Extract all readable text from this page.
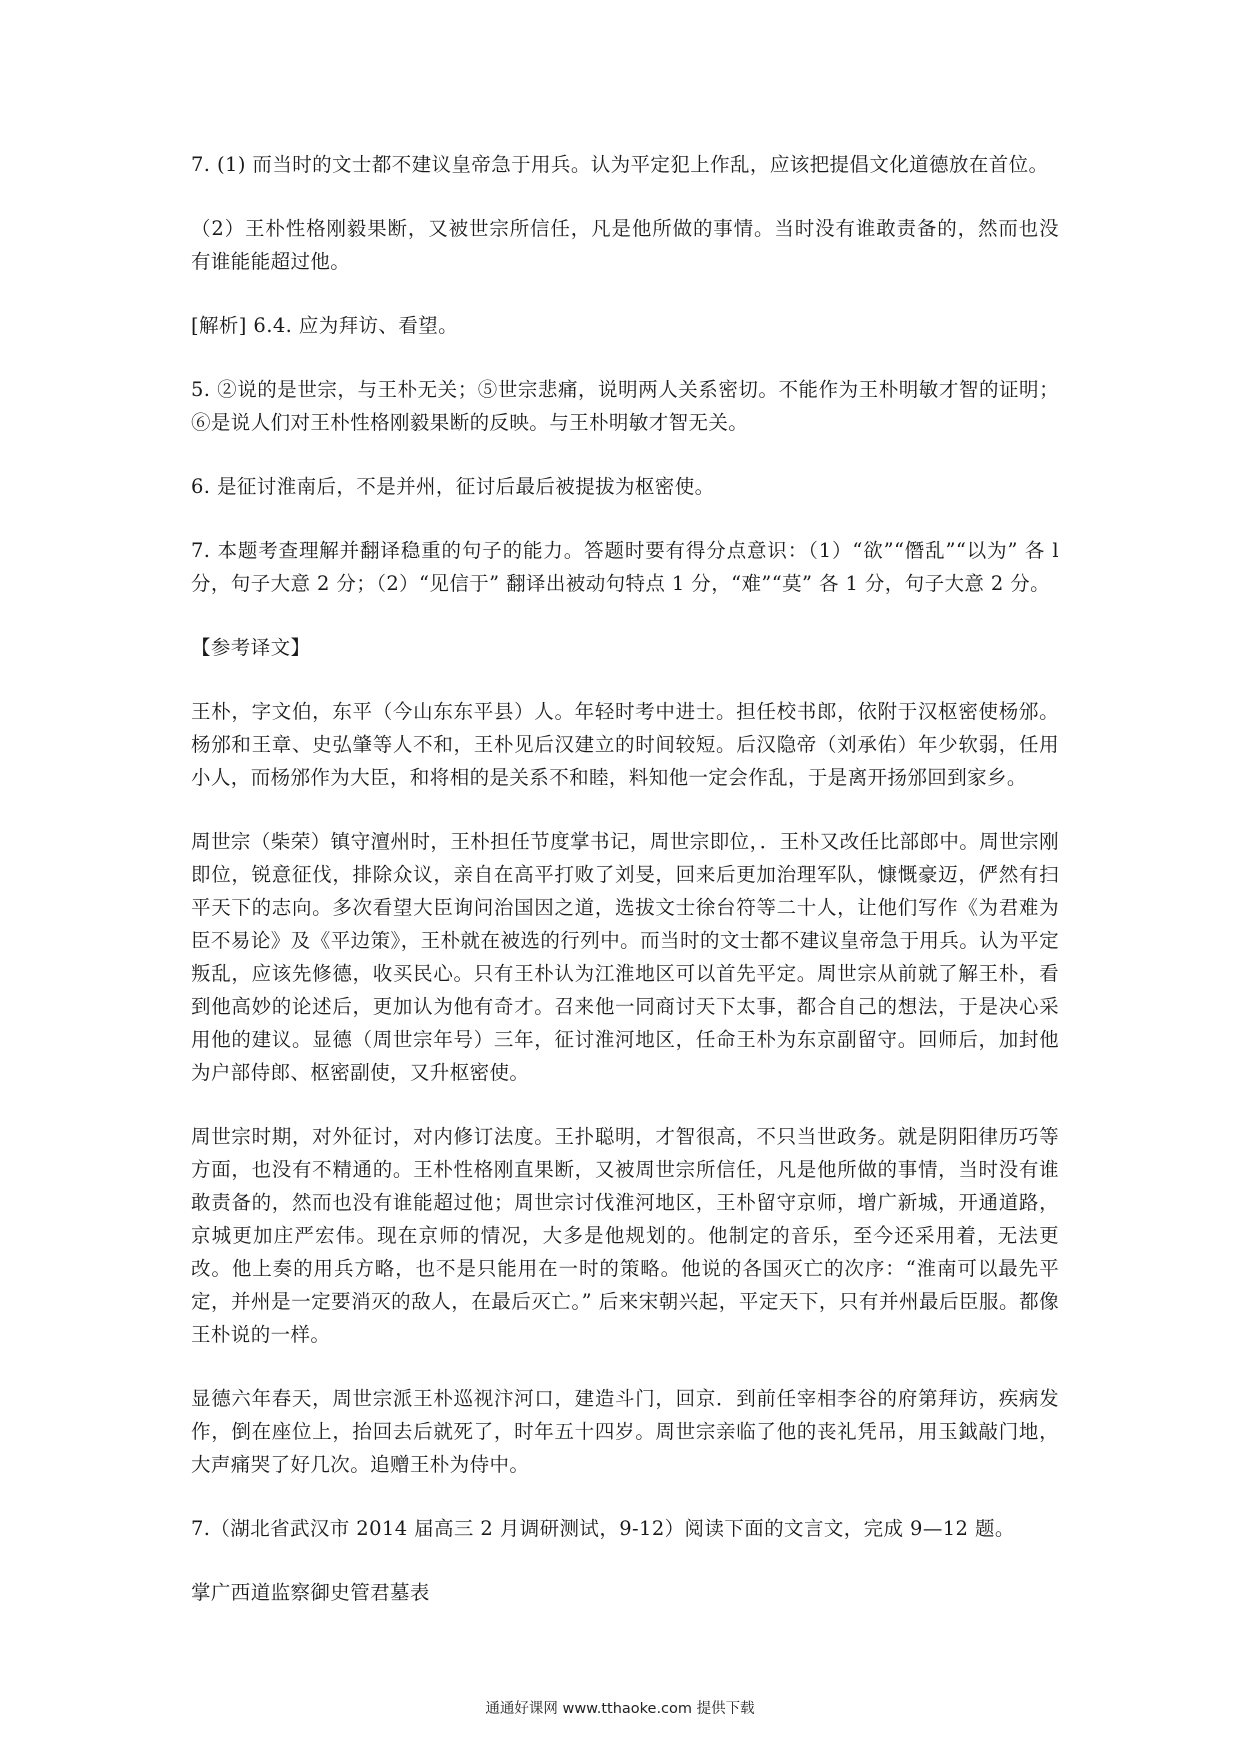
7. (1) 而当时的文士都不建议皇帝急于用兵。认为平定犯上作乱，应该把提倡文化道德放在首位。

（2）王朴性格刚毅果断，又被世宗所信任，凡是他所做的事情。当时没有谁敢责备的，然而也没有谁能能超过他。

[解析] 6.4. 应为拜访、看望。

5. ②说的是世宗，与王朴无关；⑤世宗悲痛，说明两人关系密切。不能作为王朴明敏才智的证明；⑥是说人们对王朴性格刚毅果断的反映。与王朴明敏才智无关。

6. 是征讨淮南后，不是并州，征讨后最后被提拔为枢密使。

7. 本题考查理解并翻译稳重的句子的能力。答题时要有得分点意识：（1）“欲”“僭乱”“以为” 各 l 分，句子大意 2 分；（2）“见信于” 翻译出被动句特点 1 分，“难”“莫” 各 1 分，句子大意 2 分。

【参考译文】

王朴，字文伯，东平（今山东东平县）人。年轻时考中进士。担任校书郎，依附于汉枢密使杨邠。杨邠和王章、史弘肇等人不和，王朴见后汉建立的时间较短。后汉隐帝（刘承佑）年少软弱，任用小人，而杨邠作为大臣，和将相的是关系不和睦，料知他一定会作乱，于是离开扬邠回到家乡。

周世宗（柴荣）镇守澶州时，王朴担任节度掌书记，周世宗即位，．王朴又改任比部郎中。周世宗刚即位，锐意征伐，排除众议，亲自在高平打败了刘旻，回来后更加治理军队，慷慨豪迈，俨然有扫平天下的志向。多次看望大臣询问治国因之道，选拔文士徐台符等二十人，让他们写作《为君难为臣不易论》及《平边策》，王朴就在被选的行列中。而当时的文士都不建议皇帝急于用兵。认为平定叛乱，应该先修德，收买民心。只有王朴认为江淮地区可以首先平定。周世宗从前就了解王朴，看到他高妙的论述后，更加认为他有奇才。召来他一同商讨天下太事，都合自己的想法，于是决心采用他的建议。显德（周世宗年号）三年，征讨淮河地区，任命王朴为东京副留守。回师后，加封他为户部侍郎、枢密副使，又升枢密使。

周世宗时期，对外征讨，对内修订法度。王扑聪明，才智很高，不只当世政务。就是阴阳律历巧等方面，也没有不精通的。王朴性格刚直果断，又被周世宗所信任，凡是他所做的事情，当时没有谁敢责备的，然而也没有谁能超过他；周世宗讨伐淮河地区，王朴留守京师，增广新城，开通道路，京城更加庄严宏伟。现在京师的情况，大多是他规划的。他制定的音乐，至今还采用着，无法更改。他上奏的用兵方略，也不是只能用在一时的策略。他说的各国灭亡的次序：“淮南可以最先平定，并州是一定要消灭的敌人，在最后灭亡。” 后来宋朝兴起，平定天下，只有并州最后臣服。都像王朴说的一样。

显德六年春天，周世宗派王朴巡视汴河口，建造斗门，回京．到前任宰相李谷的府第拜访，疾病发作，倒在座位上，抬回去后就死了，时年五十四岁。周世宗亲临了他的丧礼凭吊，用玉鉞敲门地，大声痛哭了好几次。追赠王朴为侍中。

7.（湖北省武汉市 2014 届高三 2 月调研测试，9-12）阅读下面的文言文，完成 9—12 题。

掌广西道监察御史管君墓表

通通好课网 www.tthaoke.com 提供下载
